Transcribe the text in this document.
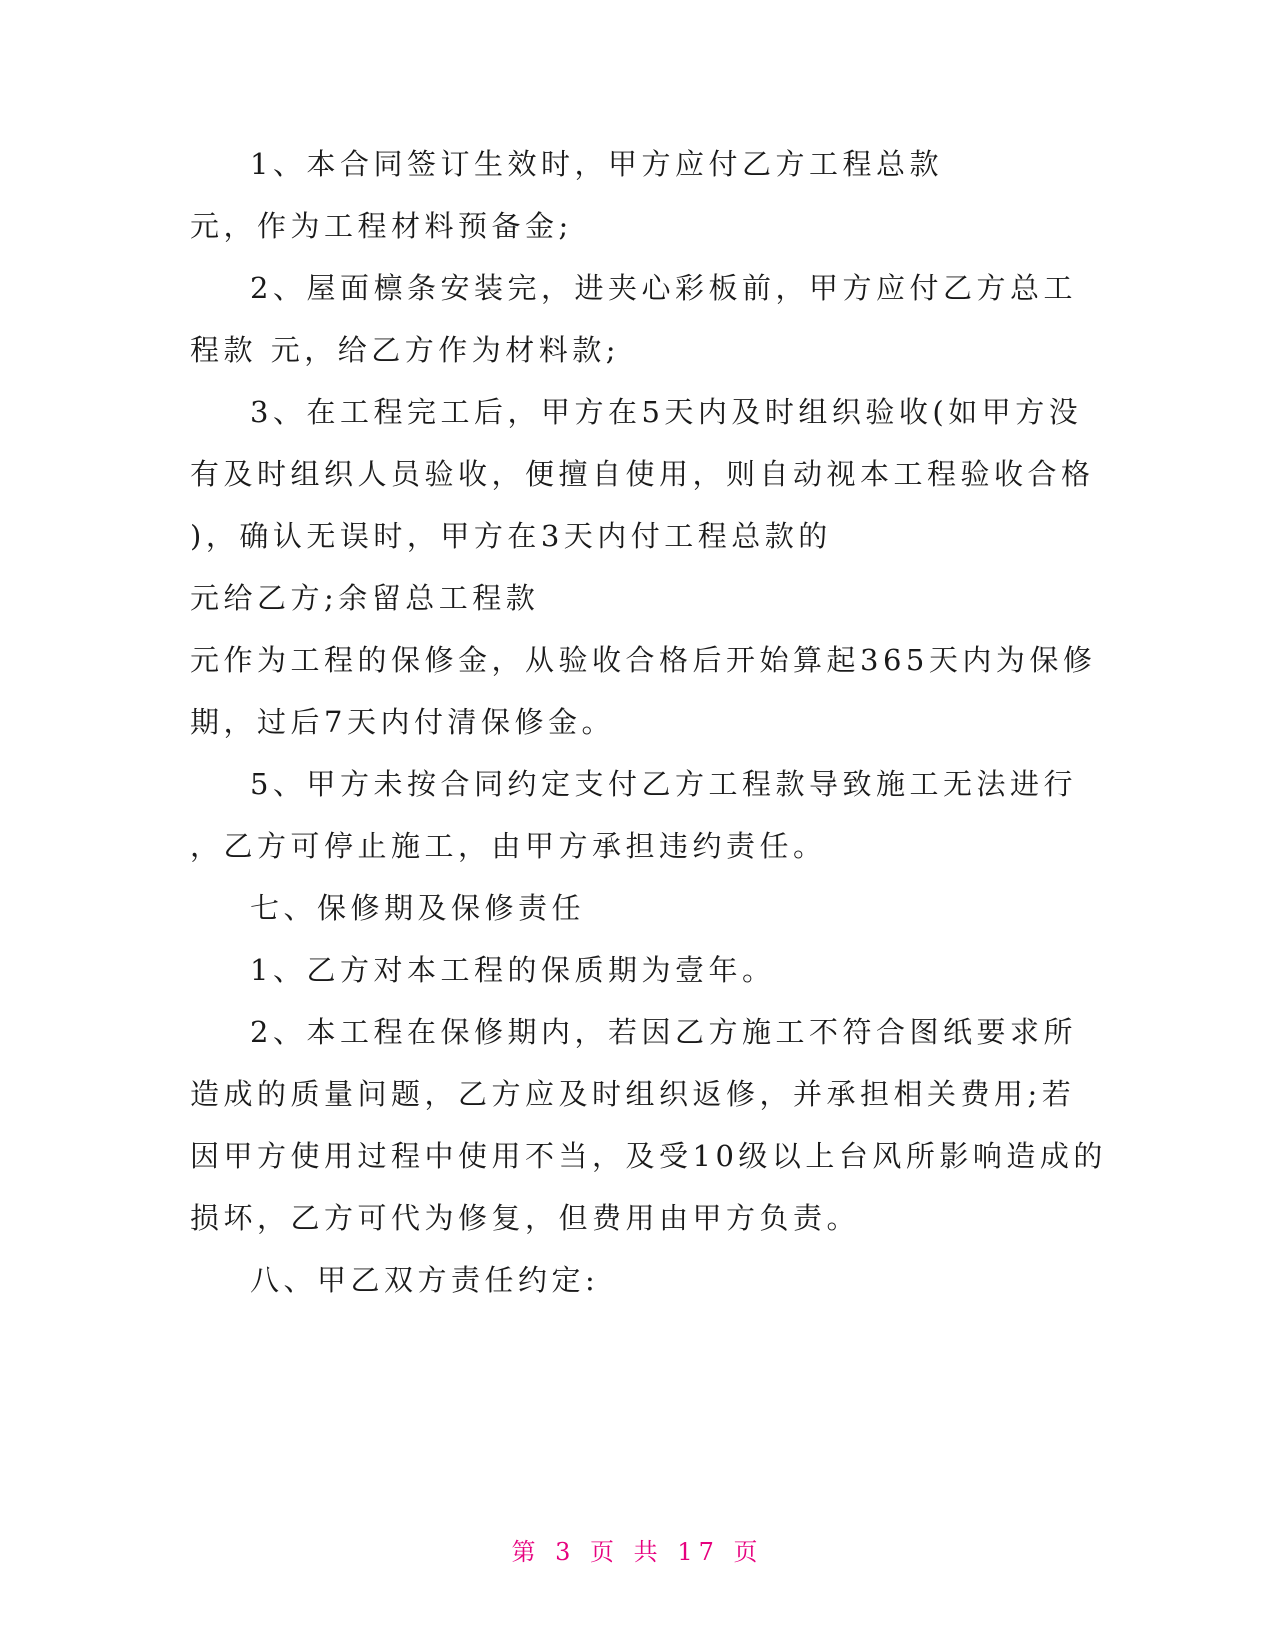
1、本合同签订生效时，甲方应付乙方工程总款
元，作为工程材料预备金;
2、屋面檩条安装完，进夹心彩板前，甲方应付乙方总工
程款 元，给乙方作为材料款;
3、在工程完工后，甲方在5天内及时组织验收(如甲方没
有及时组织人员验收，便擅自使用，则自动视本工程验收合格
)，确认无误时，甲方在3天内付工程总款的
元给乙方;余留总工程款
元作为工程的保修金，从验收合格后开始算起365天内为保修
期，过后7天内付清保修金。
5、甲方未按合同约定支付乙方工程款导致施工无法进行
，乙方可停止施工，由甲方承担违约责任。
七、保修期及保修责任
1、乙方对本工程的保质期为壹年。
2、本工程在保修期内，若因乙方施工不符合图纸要求所
造成的质量问题，乙方应及时组织返修，并承担相关费用;若
因甲方使用过程中使用不当，及受10级以上台风所影响造成的
损坏，乙方可代为修复，但费用由甲方负责。
八、甲乙双方责任约定:
第 3 页 共 17 页
